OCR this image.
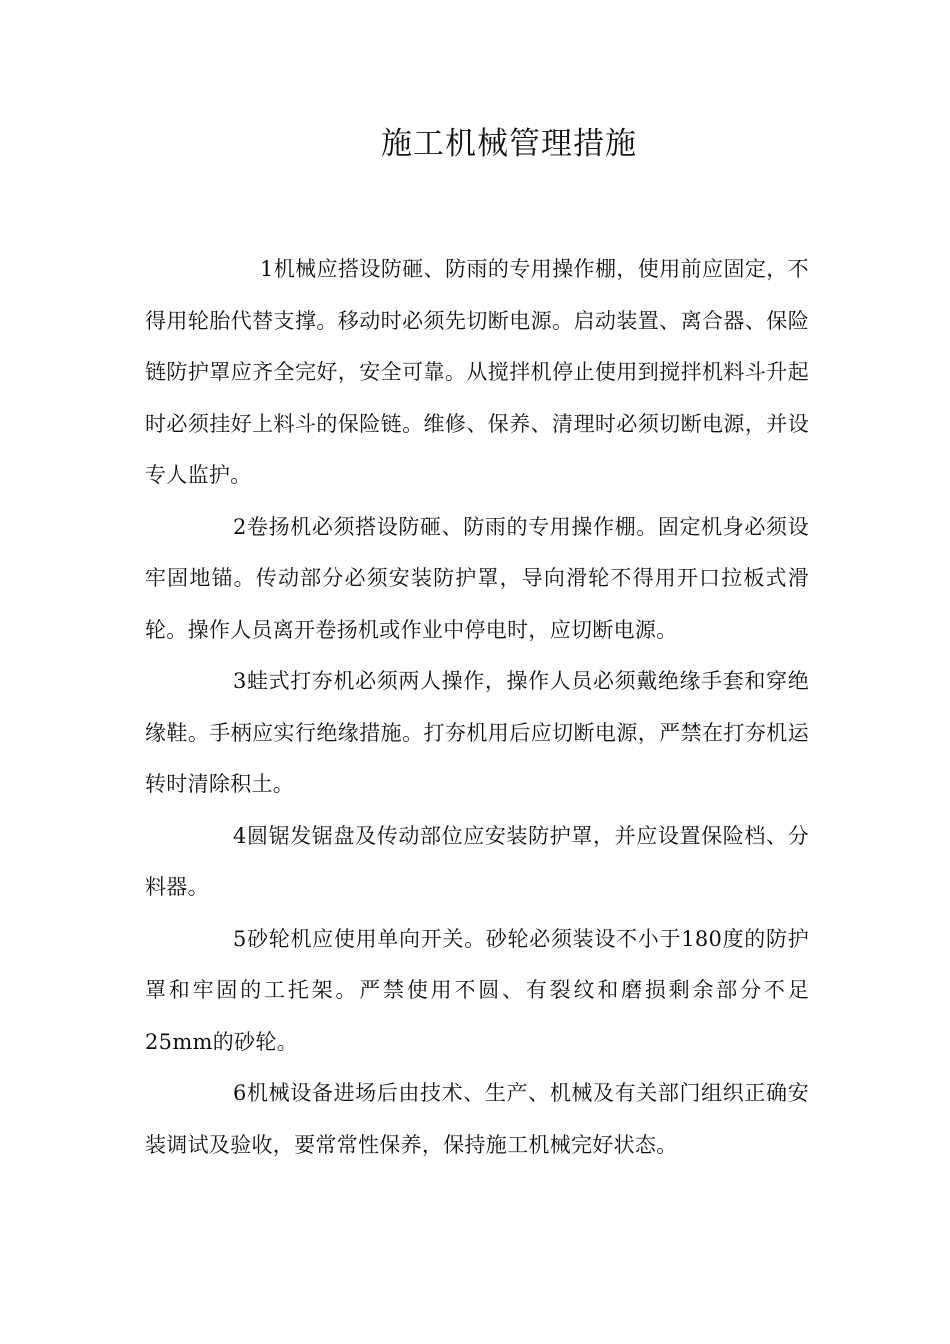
施工机械管理措施

1机械应搭设防砸、防雨的专用操作棚，使用前应固定，不得用轮胎代替支撑。移动时必须先切断电源。启动装置、离合器、保险链防护罩应齐全完好，安全可靠。从搅拌机停止使用到搅拌机料斗升起时必须挂好上料斗的保险链。维修、保养、清理时必须切断电源，并设专人监护。

2卷扬机必须搭设防砸、防雨的专用操作棚。固定机身必须设牢固地锚。传动部分必须安装防护罩，导向滑轮不得用开口拉板式滑轮。操作人员离开卷扬机或作业中停电时，应切断电源。

3蛙式打夯机必须两人操作，操作人员必须戴绝缘手套和穿绝缘鞋。手柄应实行绝缘措施。打夯机用后应切断电源，严禁在打夯机运转时清除积土。

4圆锯发锯盘及传动部位应安装防护罩，并应设置保险档、分料器。

5砂轮机应使用单向开关。砂轮必须装设不小于180度的防护罩和牢固的工托架。严禁使用不圆、有裂纹和磨损剩余部分不足25mm的砂轮。

6机械设备进场后由技术、生产、机械及有关部门组织正确安装调试及验收，要常常性保养，保持施工机械完好状态。
